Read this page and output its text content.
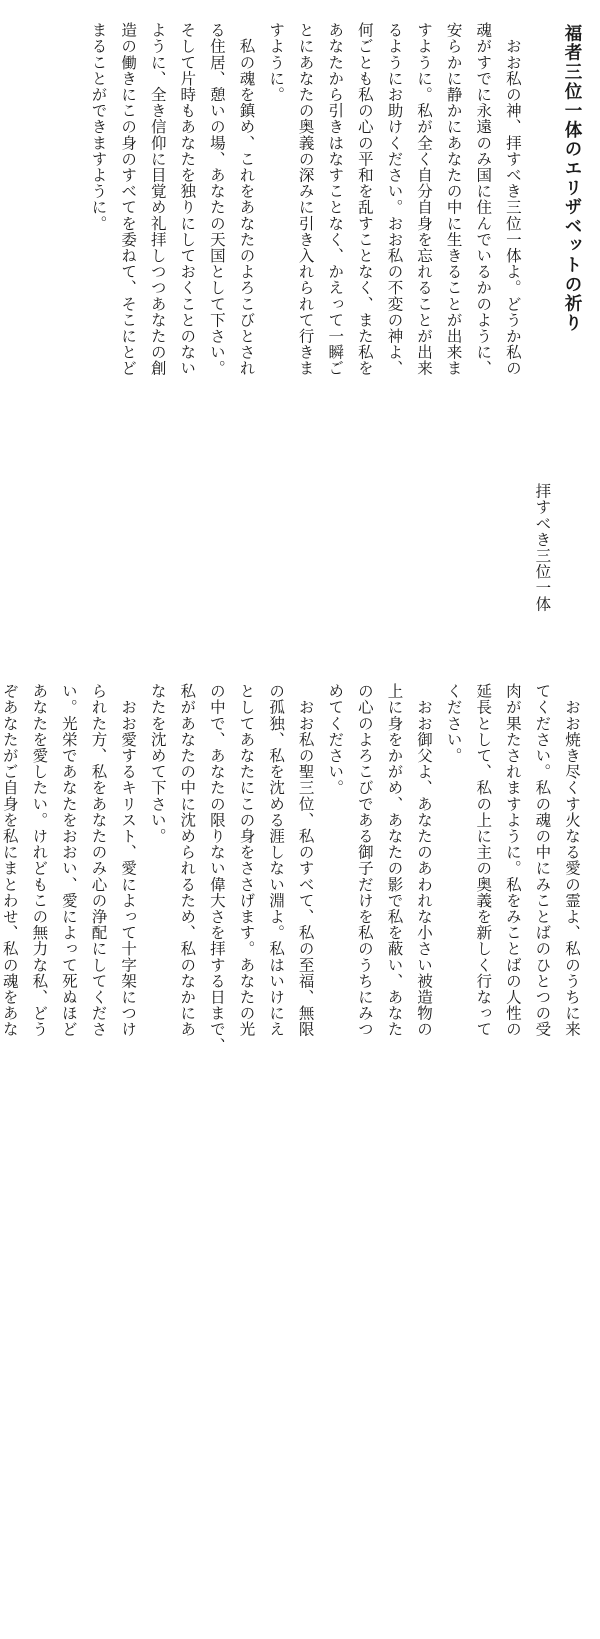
福者三位一体のエリザベットの祈り
拝すべき三位一体
　おお私の神、拝すべき三位一体よ。どうか私の
魂がすでに永遠のみ国に住んでいるかのように、
安らかに静かにあなたの中に生きることが出来ま
すように。私が全く自分自身を忘れることが出来
るようにお助けください。おお私の不変の神よ、
何ごとも私の心の平和を乱すことなく、また私を
あなたから引きはなすことなく、かえって一瞬ご
とにあなたの奥義の深みに引き入れられて行きま
すように。
　私の魂を鎮め、これをあなたのよろこびとされ
る住居、憩いの場、あなたの天国として下さい。
そして片時もあなたを独りにしておくことのない
ように、全き信仰に目覚め礼拝しつつあなたの創
造の働きにこの身のすべてを委ねて、そこにとど
まることができますように。
　おお焼き尽くす火なる愛の霊よ、私のうちに来
てください。私の魂の中にみことばのひとつの受
肉が果たされますように。私をみことばの人性の
延長として、私の上に主の奥義を新しく行なって
ください。
　おお御父よ、あなたのあわれな小さい被造物の
上に身をかがめ、あなたの影で私を蔽い、あなた
の心のよろこびである御子だけを私のうちにみつ
めてください。
　おお私の聖三位、私のすべて、私の至福、無限
の孤独、私を沈める涯しない淵よ。私はいけにえ
としてあなたにこの身をささげます。あなたの光
の中で、あなたの限りない偉大さを拝する日まで、
私があなたの中に沈められるため、私のなかにあ
なたを沈めて下さい。
　おお愛するキリスト、愛によって十字架につけ
られた方、私をあなたのみ心の浄配にしてくださ
い。光栄であなたをおおい、愛によって死ぬほど
あなたを愛したい。けれどもこの無力な私、どう
ぞあなたがご自身を私にまとわせ、私の魂をあな
